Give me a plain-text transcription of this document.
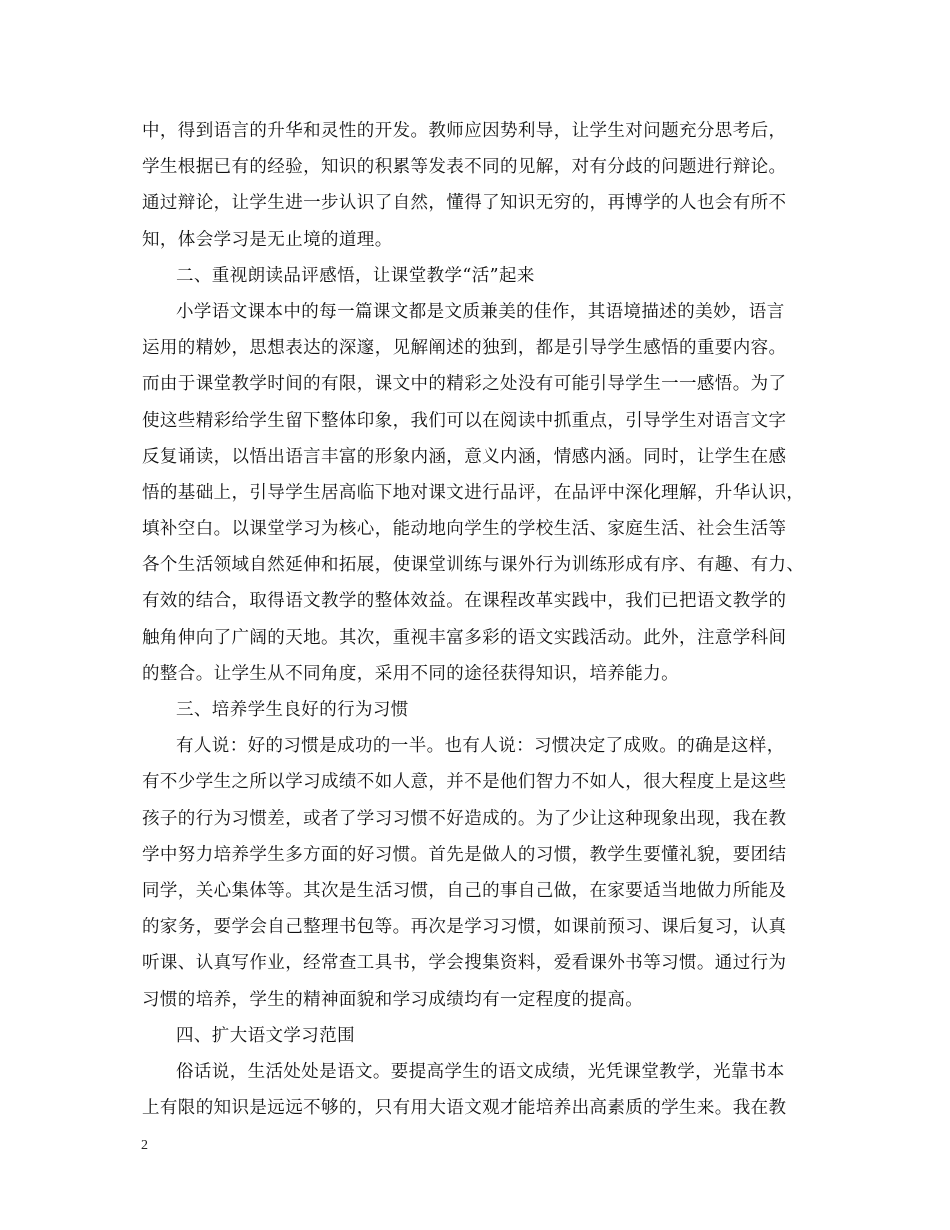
中，得到语言的升华和灵性的开发。教师应因势利导，让学生对问题充分思考后，
学生根据已有的经验，知识的积累等发表不同的见解，对有分歧的问题进行辩论。
通过辩论，让学生进一步认识了自然，懂得了知识无穷的，再博学的人也会有所不
知，体会学习是无止境的道理。
二、重视朗读品评感悟，让课堂教学“活”起来
小学语文课本中的每一篇课文都是文质兼美的佳作，其语境描述的美妙，语言
运用的精妙，思想表达的深邃，见解阐述的独到，都是引导学生感悟的重要内容。
而由于课堂教学时间的有限，课文中的精彩之处没有可能引导学生一一感悟。为了
使这些精彩给学生留下整体印象，我们可以在阅读中抓重点，引导学生对语言文字
反复诵读，以悟出语言丰富的形象内涵，意义内涵，情感内涵。同时，让学生在感
悟的基础上，引导学生居高临下地对课文进行品评，在品评中深化理解，升华认识，
填补空白。以课堂学习为核心，能动地向学生的学校生活、家庭生活、社会生活等
各个生活领域自然延伸和拓展，使课堂训练与课外行为训练形成有序、有趣、有力、
有效的结合，取得语文教学的整体效益。在课程改革实践中，我们已把语文教学的
触角伸向了广阔的天地。其次，重视丰富多彩的语文实践活动。此外，注意学科间
的整合。让学生从不同角度，采用不同的途径获得知识，培养能力。
三、培养学生良好的行为习惯
有人说：好的习惯是成功的一半。也有人说：习惯决定了成败。的确是这样，
有不少学生之所以学习成绩不如人意，并不是他们智力不如人，很大程度上是这些
孩子的行为习惯差，或者了学习习惯不好造成的。为了少让这种现象出现，我在教
学中努力培养学生多方面的好习惯。首先是做人的习惯，教学生要懂礼貌，要团结
同学，关心集体等。其次是生活习惯，自己的事自己做，在家要适当地做力所能及
的家务，要学会自己整理书包等。再次是学习习惯，如课前预习、课后复习，认真
听课、认真写作业，经常查工具书，学会搜集资料，爱看课外书等习惯。通过行为
习惯的培养，学生的精神面貌和学习成绩均有一定程度的提高。
四、扩大语文学习范围
俗话说，生活处处是语文。要提高学生的语文成绩，光凭课堂教学，光靠书本
上有限的知识是远远不够的，只有用大语文观才能培养出高素质的学生来。我在教
2
